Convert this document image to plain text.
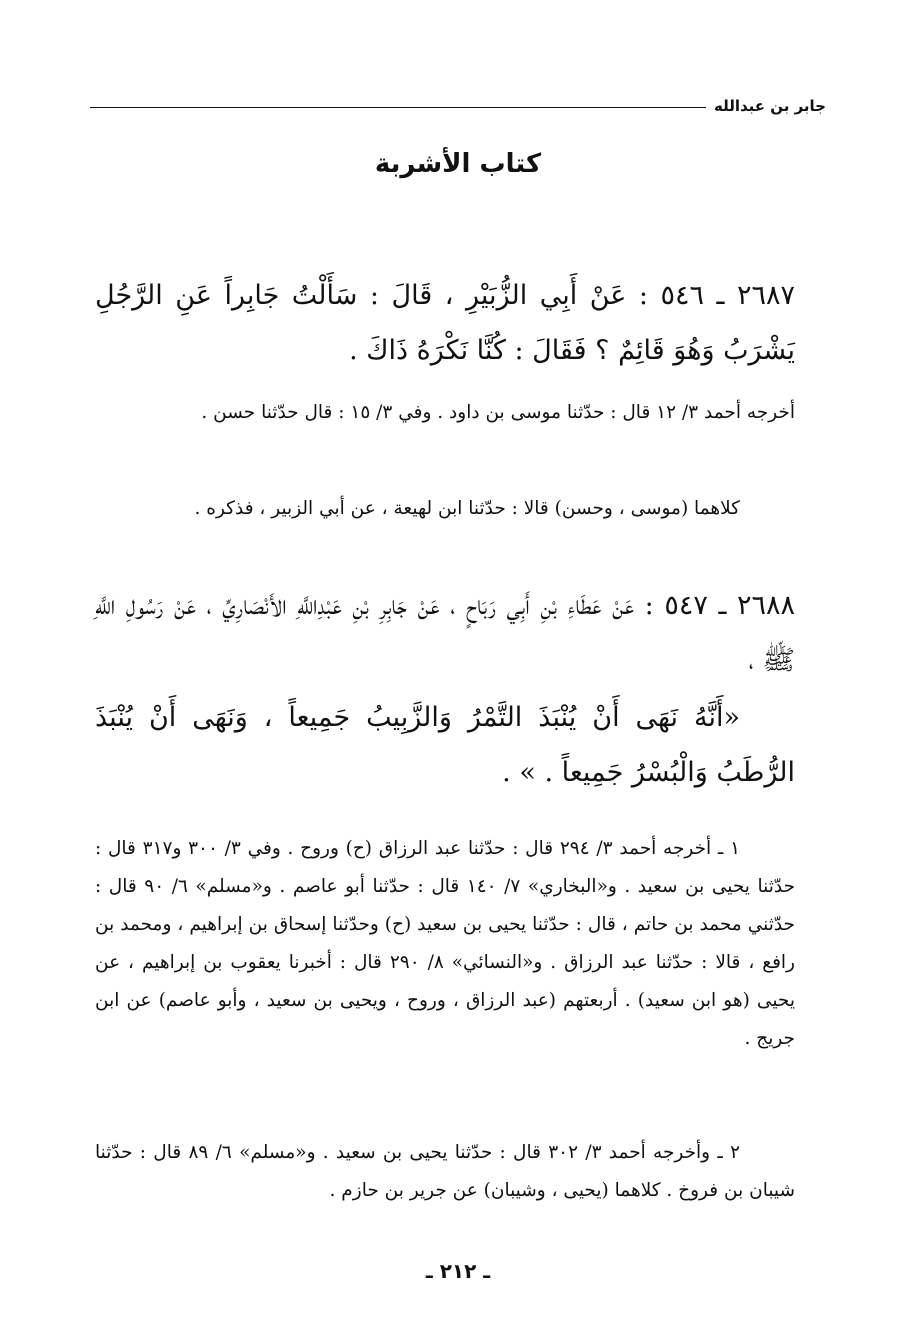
جابر بن عبدالله
كتاب الأشربة
٢٦٨٧ ـ ٥٤٦ : عَنْ أَبِي الزُّبَيْرِ ، قَالَ : سَأَلْتُ جَابِراً عَنِ الرَّجُلِ يَشْرَبُ وَهُوَ قَائِمٌ ؟ فَقَالَ : كُنَّا نَكْرَهُ ذَاكَ .
أخرجه أحمد ٣/ ١٢ قال : حدّثنا موسى بن داود . وفي ٣/ ١٥ : قال حدّثنا حسن .
كلاهما (موسى ، وحسن) قالا : حدّثنا ابن لهيعة ، عن أبي الزبير ، فذكره .
٢٦٨٨ ـ ٥٤٧ : عَنْ عَطَاءِ بْنِ أَبِي رَبَاحٍ ، عَنْ جَابِرِ بْنِ عَبْدِاللَّهِ الأَنْصَارِيِّ ، عَنْ رَسُولِ اللَّهِ ﷺ ،
«أَنَّهُ نَهَى أَنْ يُنْبَذَ التَّمْرُ وَالزَّبِيبُ جَمِيعاً ، وَنَهَى أَنْ يُنْبَذَ الرُّطَبُ وَالْبُسْرُ جَمِيعاً . » .
١ ـ أخرجه أحمد ٣/ ٢٩٤ قال : حدّثنا عبد الرزاق (ح) وروح . وفي ٣/ ٣٠٠ و٣١٧ قال : حدّثنا يحيى بن سعيد . و«البخاري» ٧/ ١٤٠ قال : حدّثنا أبو عاصم . و«مسلم» ٦/ ٩٠ قال : حدّثني محمد بن حاتم ، قال : حدّثنا يحيى بن سعيد (ح) وحدّثنا إسحاق بن إبراهيم ، ومحمد بن رافع ، قالا : حدّثنا عبد الرزاق . و«النسائي» ٨/ ٢٩٠ قال : أخبرنا يعقوب بن إبراهيم ، عن يحيى (هو ابن سعيد) . أربعتهم (عبد الرزاق ، وروح ، ويحيى بن سعيد ، وأبو عاصم) عن ابن جريج .
٢ ـ وأخرجه أحمد ٣/ ٣٠٢ قال : حدّثنا يحيى بن سعيد . و«مسلم» ٦/ ٨٩ قال : حدّثنا شيبان بن فروخ . كلاهما (يحيى ، وشيبان) عن جرير بن حازم .
ـ ٢١٢ ـ
